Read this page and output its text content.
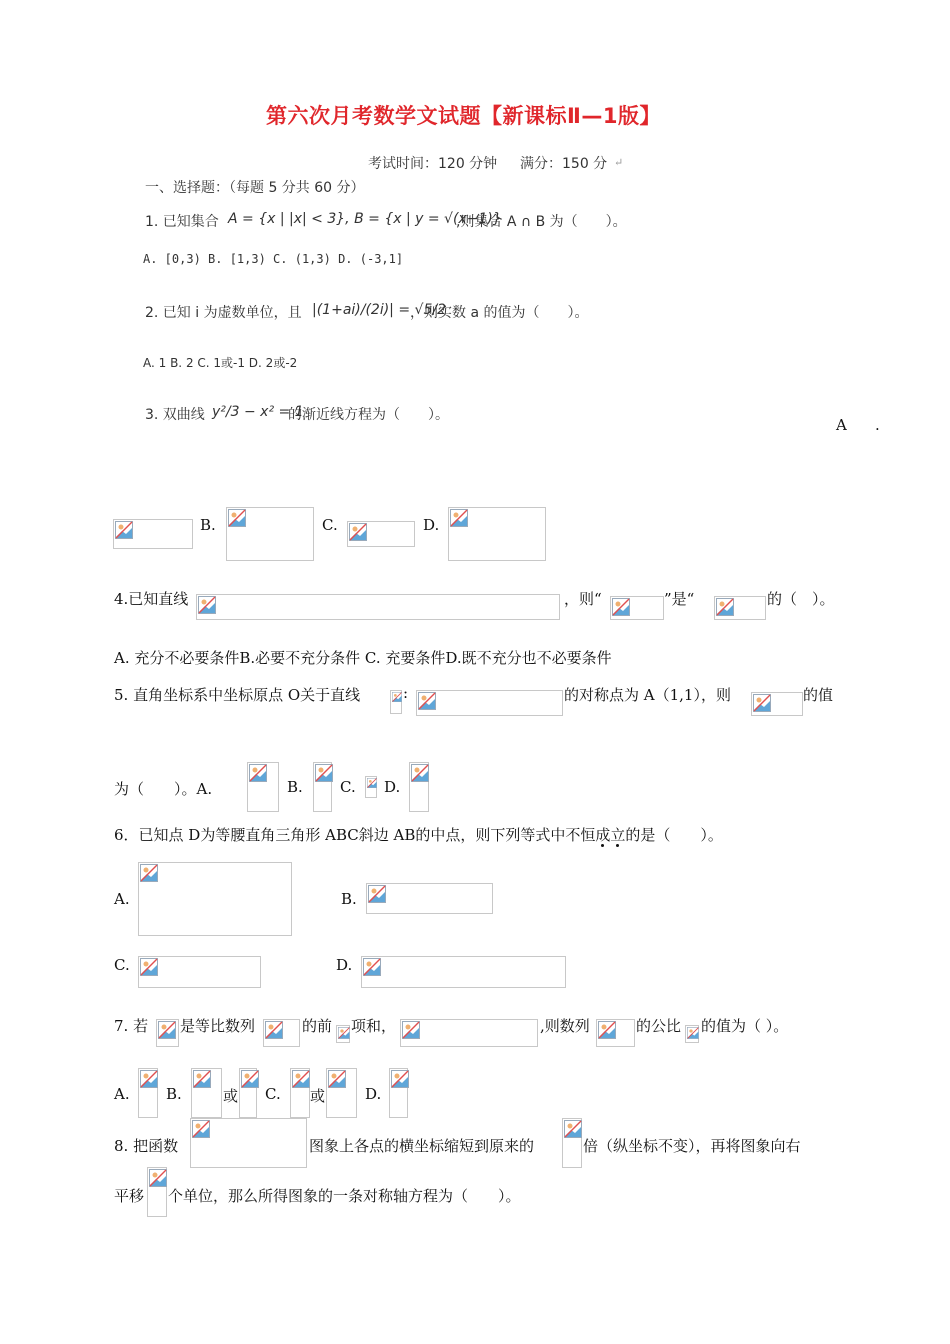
第六次月考数学文试题【新课标Ⅱ—1版】
考试时间：120 分钟 满分：150 分 ↵
一、选择题：（每题 5 分共 60 分）
1. 已知集合 A = {x | |x| < 3}, B = {x | y = √(x−1)}
,则集合 A ∩ B 为（　　）。
A. [0,3) B. [1,3) C. (1,3) D. (-3,1]
2. 已知 i 为虚数单位，且 |(1+ai)/(2i)| = √5/2
，则实数 a 的值为（　　）。
A. 1 B. 2 C. 1或-1 D. 2或-2
3. 双曲线 y²/3 − x² = 1
的渐近线方程为（　　）。
A .
B.	C.	D.
4.已知直线	，则“	”是“	的（　）。
A. 充分不必要条件B.必要不充分条件 C. 充要条件D.既不充分也不必要条件
5. 直角坐标系中坐标原点 O关于直线	:	的对称点为 A（1,1），则	的值
为（　　）。A.	B. C. D.
6．已知点 D为等腰直角三角形 ABC斜边 AB的中点，则下列等式中不恒成立的是（　　）。
A.	B.
C.	D.
7. 若 是等比数列	的前 项和，	,则数列	的公比 的值为（ ）。
A. B.	或 C. 或	D.
8. 把函数	图象上各点的横坐标缩短到原来的	倍（纵坐标不变），再将图象向右
平移 个单位，那么所得图象的一条对称轴方程为（　　）。
